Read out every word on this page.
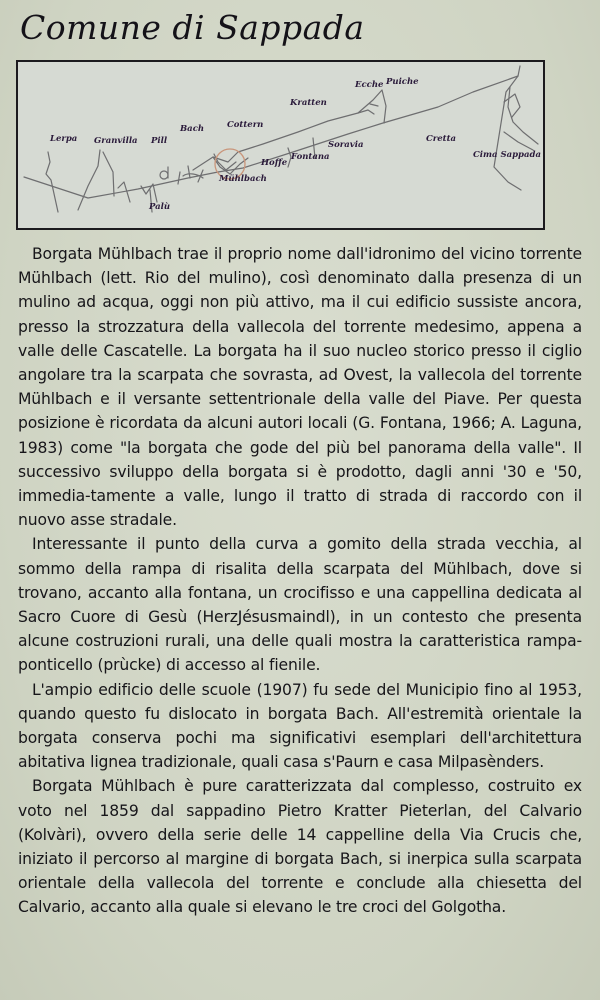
Comune di Sappada
Lerpa Granvilla Pill
Bach	Cottern
Kratten
Ecche Puiche
Soravia
Hoffe
Fontana
Mühlbach
Palù
Cretta
Cima Sappada

Borgata Mühlbach trae il proprio nome dall'idronimo del vicino torrente Mühlbach (lett. Rio del mulino), così denominato dalla presenza di un mulino ad acqua, oggi non più attivo, ma il cui edificio sussiste ancora, presso la strozzatura della vallecola del torrente medesimo, appena a valle delle Cascatelle. La borgata ha il suo nucleo storico presso il ciglio angolare tra la scarpata che sovrasta, ad Ovest, la vallecola del torrente Mühlbach e il versante settentrionale della valle del Piave. Per questa posizione è ricordata da alcuni autori locali (G. Fontana, 1966; A. Laguna, 1983) come "la borgata che gode del più bel panorama della valle". Il successivo sviluppo della borgata si è prodotto, dagli anni '30 e '50, immedia-tamente a valle, lungo il tratto di strada di raccordo con il nuovo asse stradale.

Interessante il punto della curva a gomito della strada vecchia, al sommo della rampa di risalita della scarpata del Mühlbach, dove si trovano, accanto alla fontana, un crocifisso e una cappellina dedicata al Sacro Cuore di Gesù (HerzJésusmaindl), in un contesto che presenta alcune costruzioni rurali, una delle quali mostra la caratteristica rampa-ponticello (prùcke) di accesso al fienile.

L'ampio edificio delle scuole (1907) fu sede del Municipio fino al 1953, quando questo fu dislocato in borgata Bach. All'estremità orientale la borgata conserva pochi ma significativi esemplari dell'architettura abitativa lignea tradizionale, quali casa s'Paurn e casa Milpasènders.

Borgata Mühlbach è pure caratterizzata dal complesso, costruito ex voto nel 1859 dal sappadino Pietro Kratter Pieterlan, del Calvario (Kolvàri), ovvero della serie delle 14 cappelline della Via Crucis che, iniziato il percorso al margine di borgata Bach, si inerpica sulla scarpata orientale della vallecola del torrente e conclude alla chiesetta del Calvario, accanto alla quale si elevano le tre croci del Golgotha.
